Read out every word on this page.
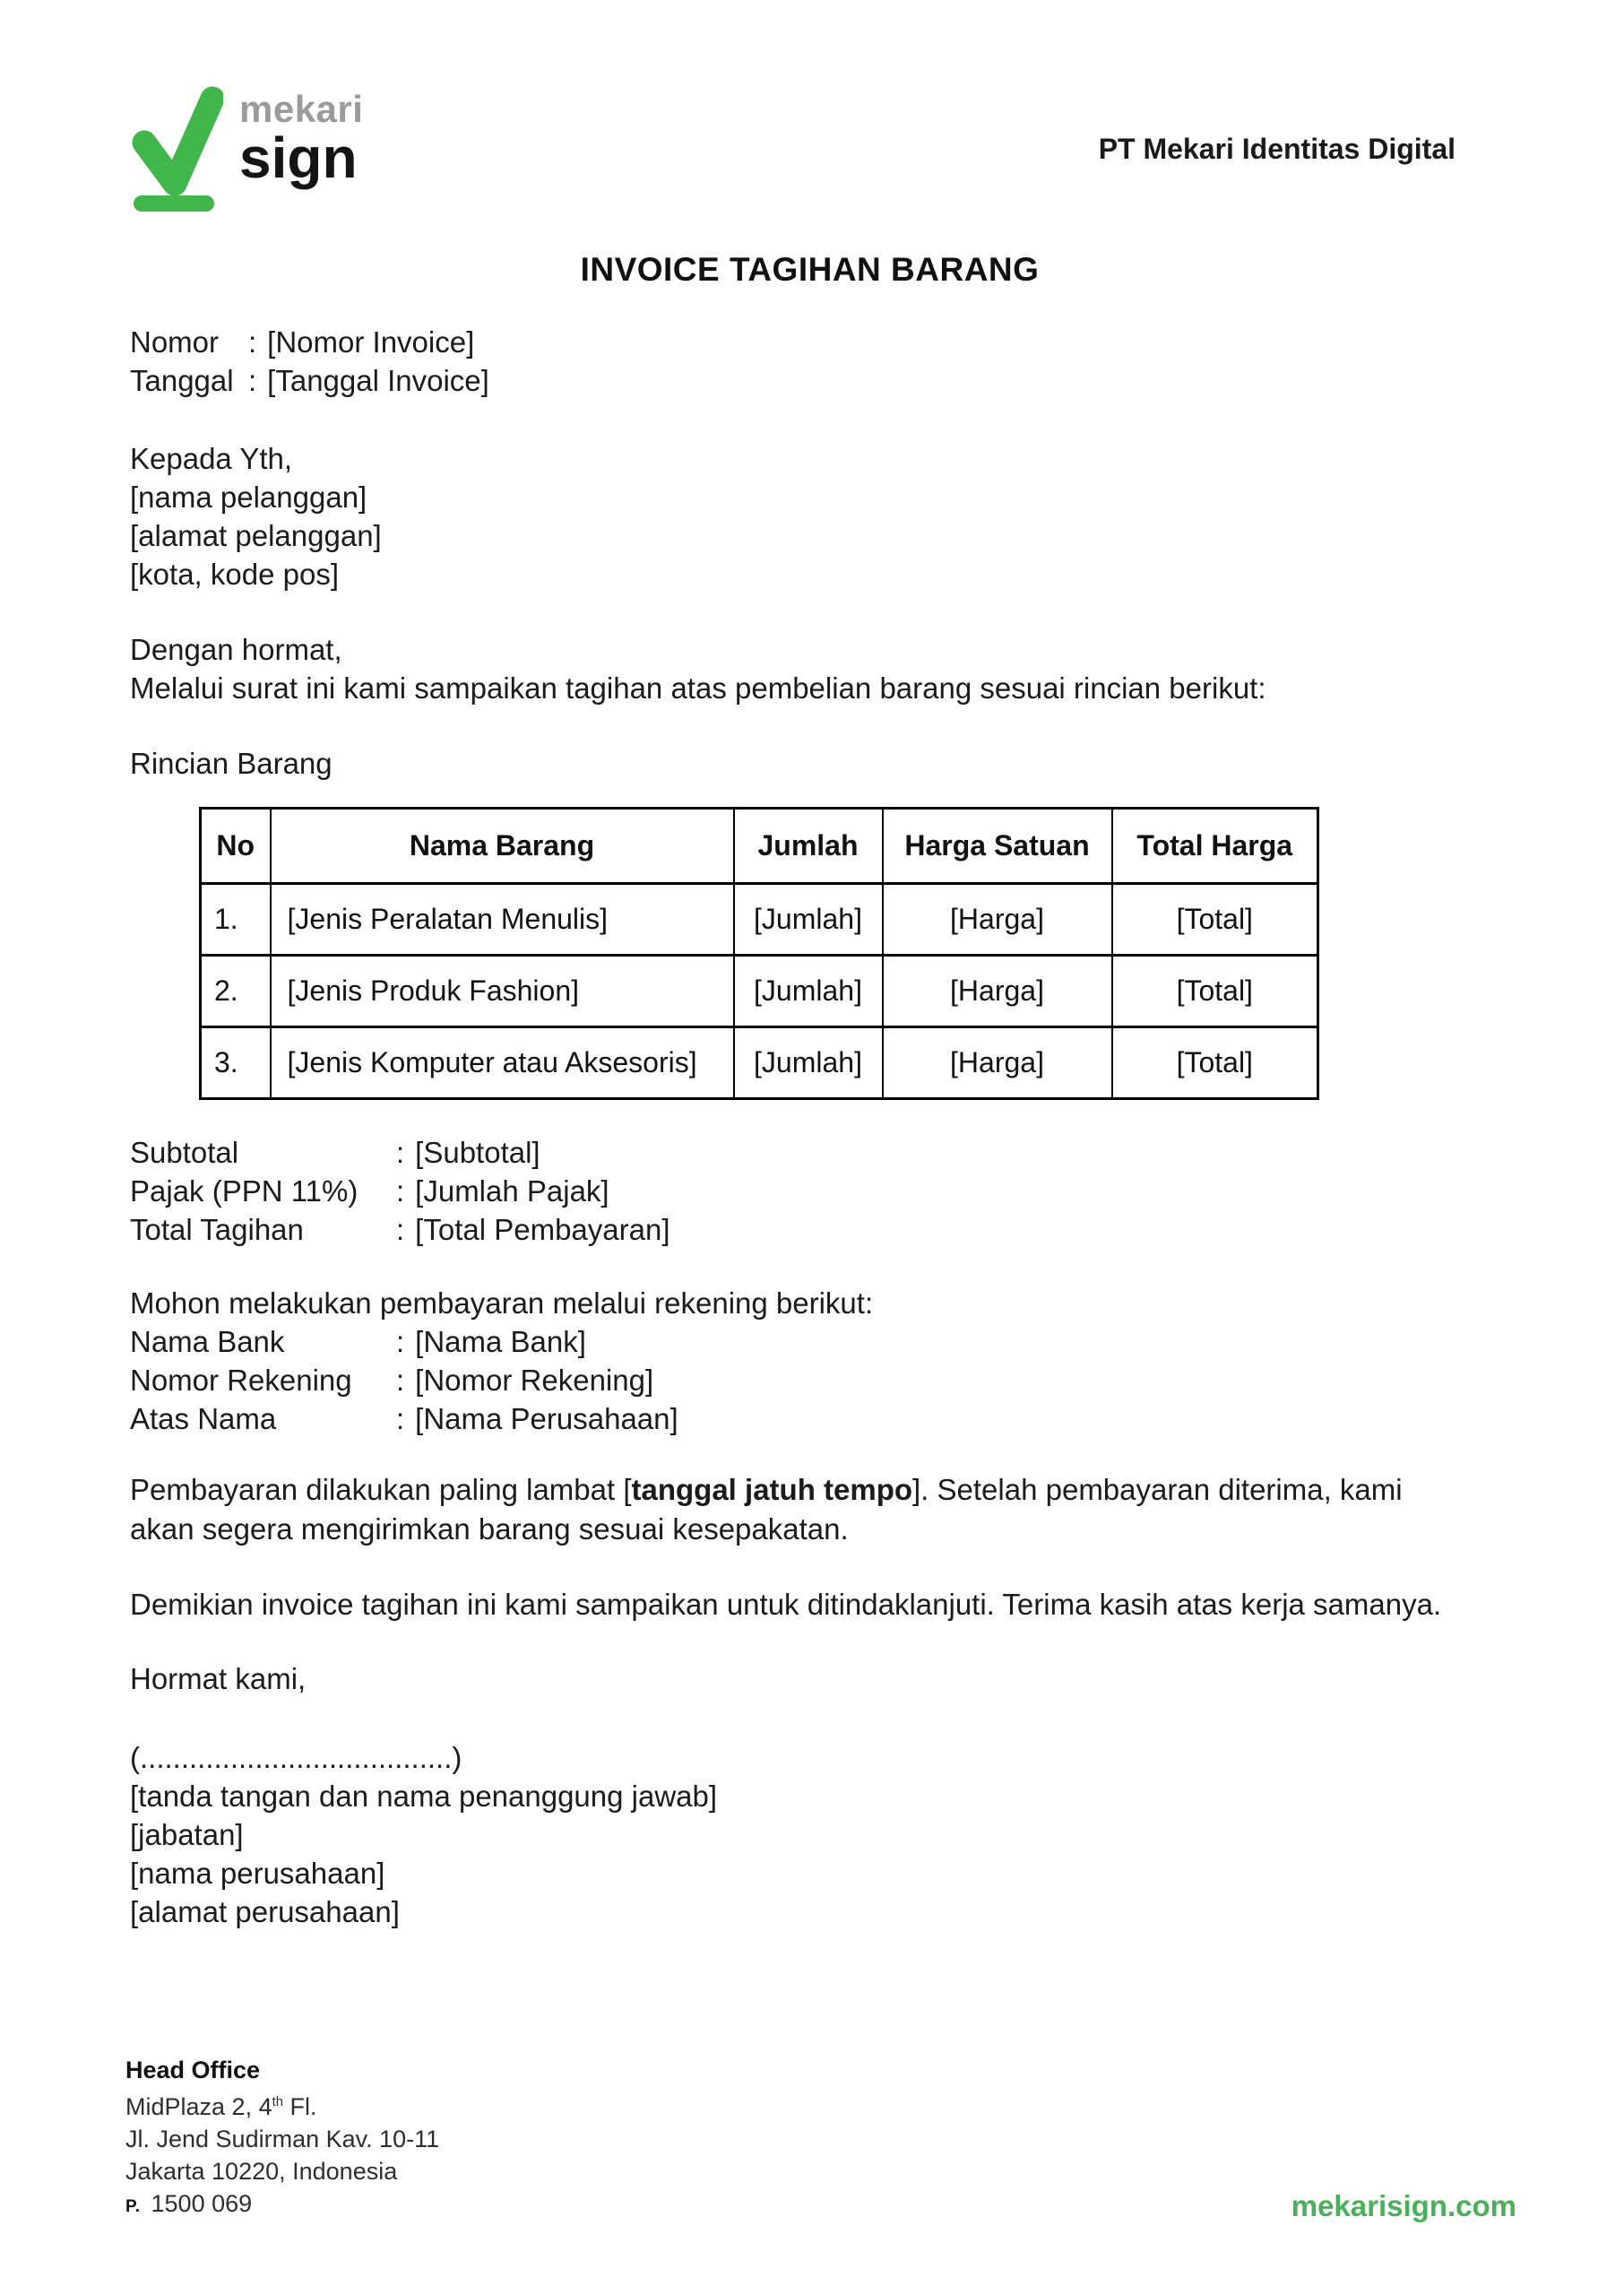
mekari
sign	PT Mekari Identitas Digital
INVOICE TAGIHAN BARANG
Nomor : [Nomor Invoice]
Tanggal : [Tanggal Invoice]
Kepada Yth,
[nama pelanggan]
[alamat pelanggan]
[kota, kode pos]
Dengan hormat,
Melalui surat ini kami sampaikan tagihan atas pembelian barang sesuai rincian berikut:
Rincian Barang
No	Nama Barang	Jumlah	Harga Satuan	Total Harga
1.	[Jenis Peralatan Menulis]	[Jumlah]	[Harga]	[Total]
2.	[Jenis Produk Fashion]	[Jumlah]	[Harga]	[Total]
3.	[Jenis Komputer atau Aksesoris]	[Jumlah]	[Harga]	[Total]
Subtotal	: [Subtotal]
Pajak (PPN 11%)	: [Jumlah Pajak]
Total Tagihan	: [Total Pembayaran]
Mohon melakukan pembayaran melalui rekening berikut:
Nama Bank	: [Nama Bank]
Nomor Rekening	: [Nomor Rekening]
Atas Nama	: [Nama Perusahaan]
Pembayaran dilakukan paling lambat [tanggal jatuh tempo]. Setelah pembayaran diterima, kami akan segera mengirimkan barang sesuai kesepakatan.
Demikian invoice tagihan ini kami sampaikan untuk ditindaklanjuti. Terima kasih atas kerja samanya.
Hormat kami,
(......................................)
[tanda tangan dan nama penanggung jawab]
[jabatan]
[nama perusahaan]
[alamat perusahaan]
Head Office
MidPlaza 2, 4th Fl.
Jl. Jend Sudirman Kav. 10-11
Jakarta 10220, Indonesia
P. 1500 069	mekarisign.com
